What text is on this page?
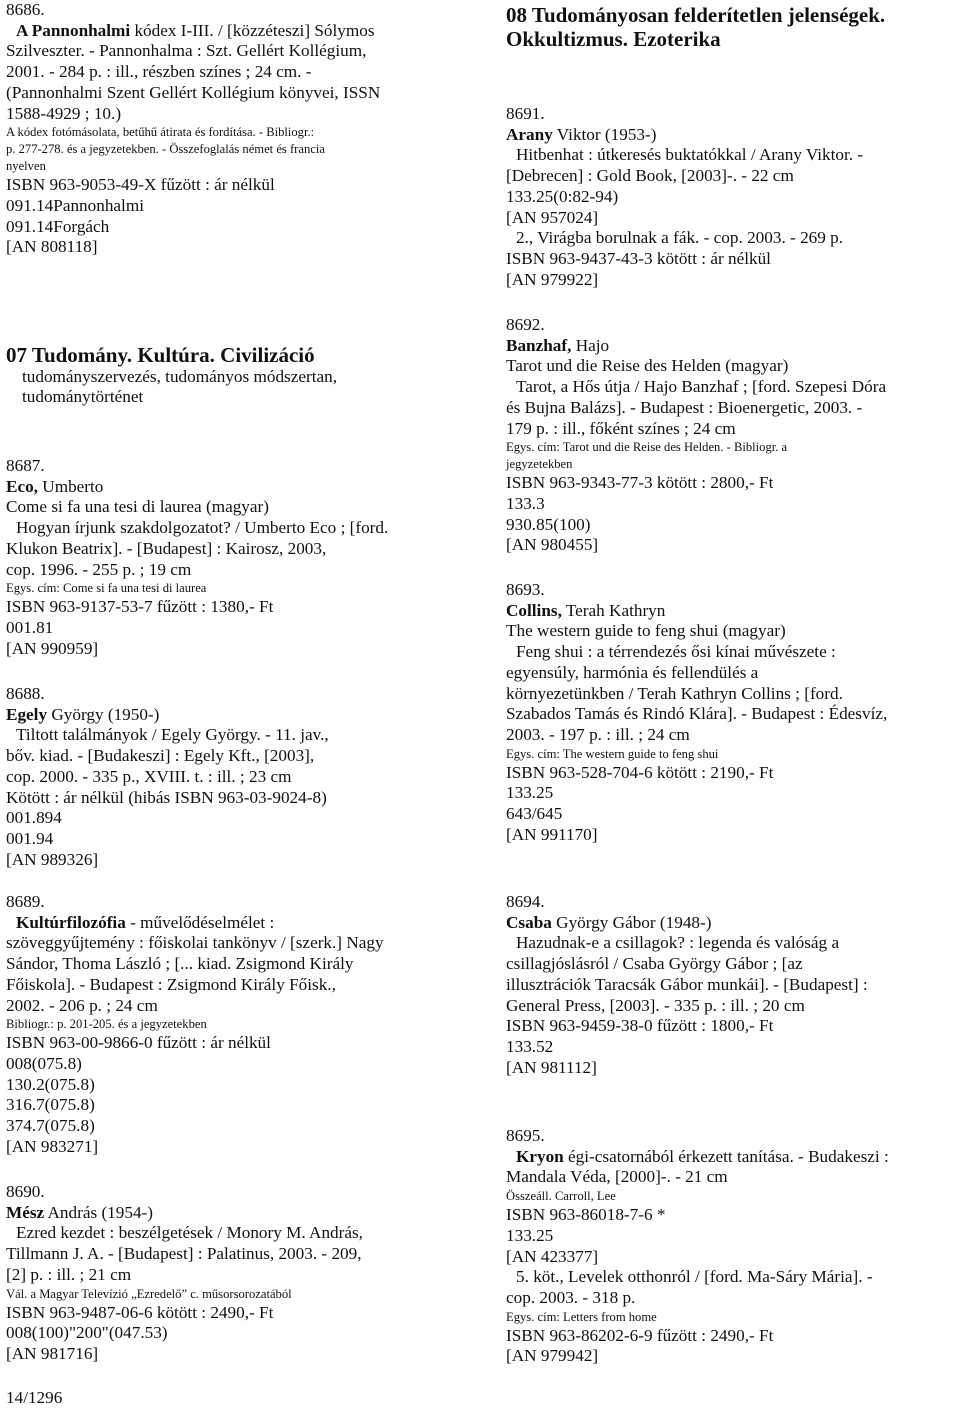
8686.
A Pannonhalmi kódex I-III. / [közzéteszi] Sólymos
Szilveszter. - Pannonhalma : Szt. Gellért Kollégium,
2001. - 284 p. : ill., részben színes ; 24 cm. -
(Pannonhalmi Szent Gellért Kollégium könyvei, ISSN
1588-4929 ; 10.)
A kódex fotómásolata, betűhű átirata és fordítása. - Bibliogr.:
p. 277-278. és a jegyzetekben. - Összefoglalás német és francia
nyelven
ISBN 963-9053-49-X fűzött : ár nélkül
091.14Pannonhalmi
091.14Forgách
[AN 808118]
07 Tudomány. Kultúra. Civilizáció
tudományszervezés, tudományos módszertan,
tudománytörténet
8687.
Eco, Umberto
Come si fa una tesi di laurea (magyar)
Hogyan írjunk szakdolgozatot? / Umberto Eco ; [ford.
Klukon Beatrix]. - [Budapest] : Kairosz, 2003,
cop. 1996. - 255 p. ; 19 cm
Egys. cím: Come si fa una tesi di laurea
ISBN 963-9137-53-7 fűzött : 1380,- Ft
001.81
[AN 990959]
8688.
Egely György (1950-)
Tiltott találmányok / Egely György. - 11. jav.,
bőv. kiad. - [Budakeszi] : Egely Kft., [2003],
cop. 2000. - 335 p., XVIII. t. : ill. ; 23 cm
Kötött : ár nélkül (hibás ISBN 963-03-9024-8)
001.894
001.94
[AN 989326]
8689.
Kultúrfilozófia - művelődéselmélet :
szöveggyűjtemény : főiskolai tankönyv / [szerk.] Nagy
Sándor, Thoma László ; [... kiad. Zsigmond Király
Főiskola]. - Budapest : Zsigmond Király Főisk.,
2002. - 206 p. ; 24 cm
Bibliogr.: p. 201-205. és a jegyzetekben
ISBN 963-00-9866-0 fűzött : ár nélkül
008(075.8)
130.2(075.8)
316.7(075.8)
374.7(075.8)
[AN 983271]
8690.
Mész András (1954-)
Ezred kezdet : beszélgetések / Monory M. András,
Tillmann J. A. - [Budapest] : Palatinus, 2003. - 209,
[2] p. : ill. ; 21 cm
Vál. a Magyar Televízió „Ezredelő” c. műsorsorozatából
ISBN 963-9487-06-6 kötött : 2490,- Ft
008(100)"200"(047.53)
[AN 981716]
08 Tudományosan felderítetlen jelenségek.
Okkultizmus. Ezoterika
8691.
Arany Viktor (1953-)
Hitbenhat : útkeresés buktatókkal / Arany Viktor. -
[Debrecen] : Gold Book, [2003]-. - 22 cm
133.25(0:82-94)
[AN 957024]
2., Virágba borulnak a fák. - cop. 2003. - 269 p.
ISBN 963-9437-43-3 kötött : ár nélkül
[AN 979922]
8692.
Banzhaf, Hajo
Tarot und die Reise des Helden (magyar)
Tarot, a Hős útja / Hajo Banzhaf ; [ford. Szepesi Dóra
és Bujna Balázs]. - Budapest : Bioenergetic, 2003. -
179 p. : ill., főként színes ; 24 cm
Egys. cím: Tarot und die Reise des Helden. - Bibliogr. a
jegyzetekben
ISBN 963-9343-77-3 kötött : 2800,- Ft
133.3
930.85(100)
[AN 980455]
8693.
Collins, Terah Kathryn
The western guide to feng shui (magyar)
Feng shui : a térrendezés ősi kínai művészete :
egyensúly, harmónia és fellendülés a
környezetünkben / Terah Kathryn Collins ; [ford.
Szabados Tamás és Rindó Klára]. - Budapest : Édesvíz,
2003. - 197 p. : ill. ; 24 cm
Egys. cím: The western guide to feng shui
ISBN 963-528-704-6 kötött : 2190,- Ft
133.25
643/645
[AN 991170]
8694.
Csaba György Gábor (1948-)
Hazudnak-e a csillagok? : legenda és valóság a
csillagjóslásról / Csaba György Gábor ; [az
illusztrációk Taracsák Gábor munkái]. - [Budapest] :
General Press, [2003]. - 335 p. : ill. ; 20 cm
ISBN 963-9459-38-0 fűzött : 1800,- Ft
133.52
[AN 981112]
8695.
Kryon égi-csatornából érkezett tanítása. - Budakeszi :
Mandala Véda, [2000]-. - 21 cm
Összeáll. Carroll, Lee
ISBN 963-86018-7-6 *
133.25
[AN 423377]
5. köt., Levelek otthonról / [ford. Ma-Sáry Mária]. -
cop. 2003. - 318 p.
Egys. cím: Letters from home
ISBN 963-86202-6-9 fűzött : 2490,- Ft
[AN 979942]
14/1296
